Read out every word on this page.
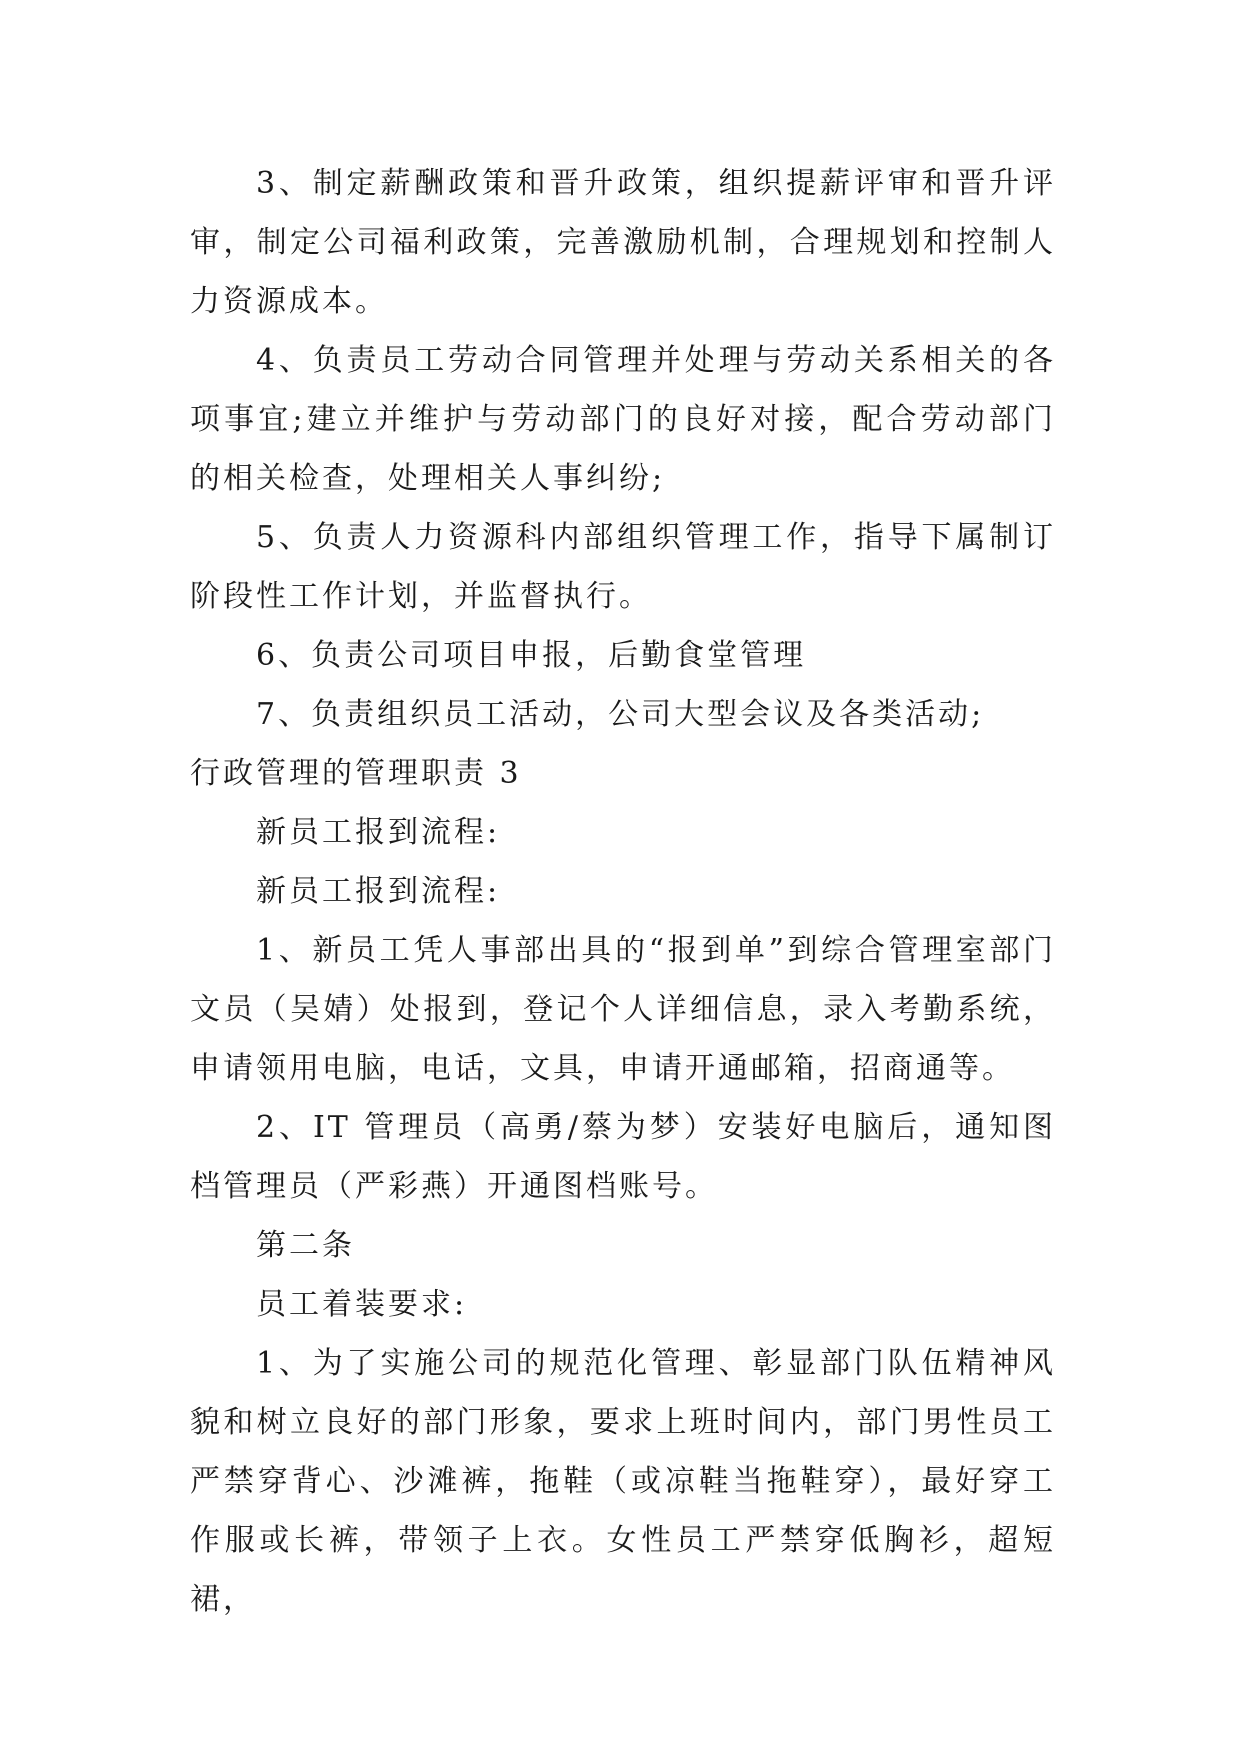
3、制定薪酬政策和晋升政策，组织提薪评审和晋升评审，制定公司福利政策，完善激励机制，合理规划和控制人力资源成本。

4、负责员工劳动合同管理并处理与劳动关系相关的各项事宜;建立并维护与劳动部门的良好对接，配合劳动部门的相关检查，处理相关人事纠纷;

5、负责人力资源科内部组织管理工作，指导下属制订阶段性工作计划，并监督执行。

6、负责公司项目申报，后勤食堂管理

7、负责组织员工活动，公司大型会议及各类活动;

行政管理的管理职责 3

新员工报到流程:

新员工报到流程:

1、新员工凭人事部出具的“报到单”到综合管理室部门文员（吴婧）处报到，登记个人详细信息，录入考勤系统，申请领用电脑，电话，文具，申请开通邮箱，招商通等。

2、IT 管理员（高勇/蔡为梦）安装好电脑后，通知图档管理员（严彩燕）开通图档账号。

第二条

员工着装要求:

1、为了实施公司的规范化管理、彰显部门队伍精神风貌和树立良好的部门形象，要求上班时间内，部门男性员工严禁穿背心、沙滩裤，拖鞋（或凉鞋当拖鞋穿），最好穿工作服或长裤，带领子上衣。女性员工严禁穿低胸衫，超短裙，
